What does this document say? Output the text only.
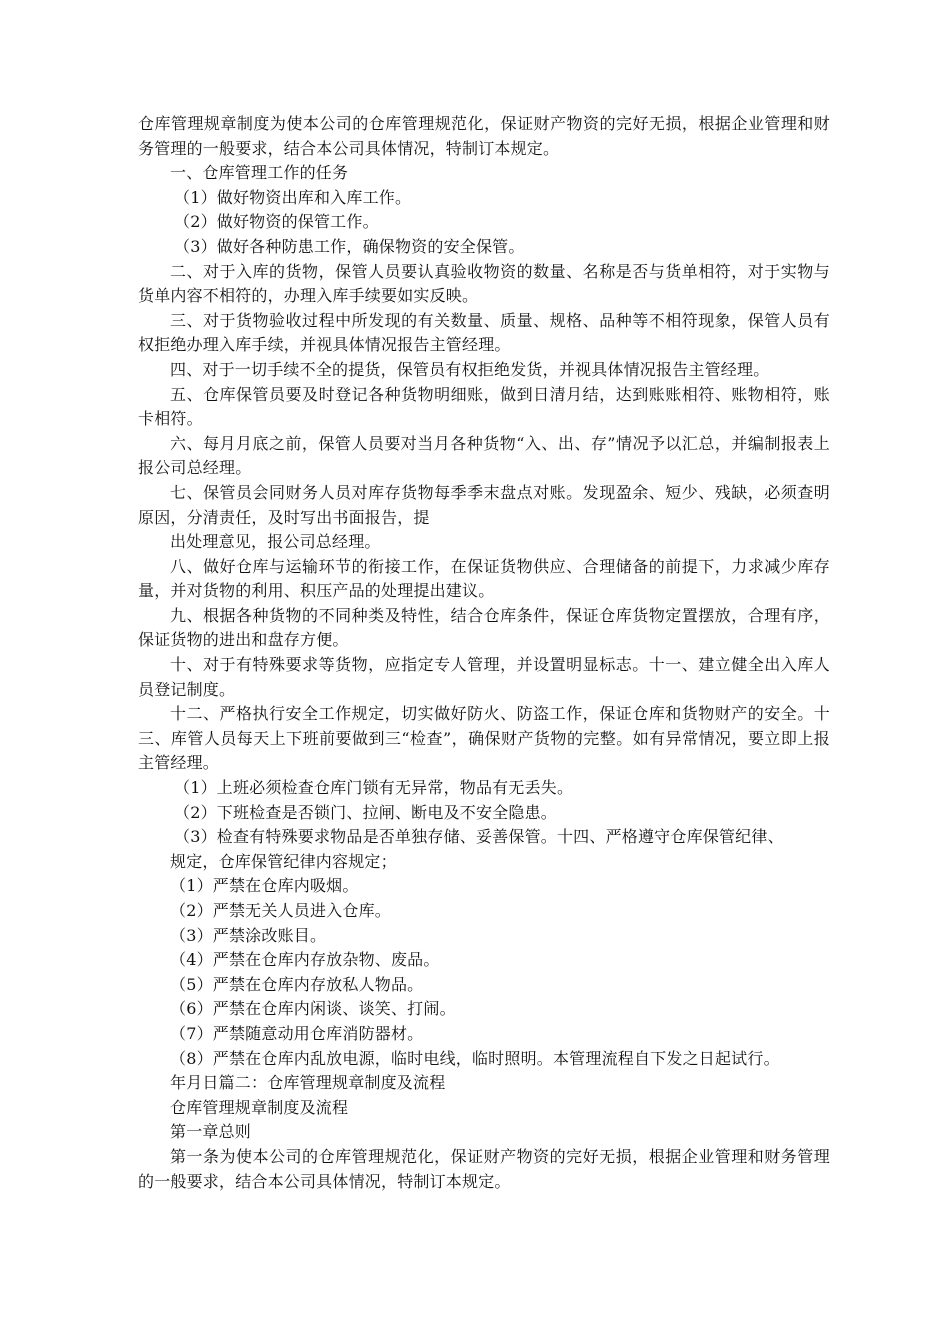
仓库管理规章制度为使本公司的仓库管理规范化，保证财产物资的完好无损，根据企业管理和财务管理的一般要求，结合本公司具体情况，特制订本规定。

一、仓库管理工作的任务

（1）做好物资出库和入库工作。

（2）做好物资的保管工作。

（3）做好各种防患工作，确保物资的安全保管。

二、对于入库的货物，保管人员要认真验收物资的数量、名称是否与货单相符，对于实物与货单内容不相符的，办理入库手续要如实反映。

三、对于货物验收过程中所发现的有关数量、质量、规格、品种等不相符现象，保管人员有权拒绝办理入库手续，并视具体情况报告主管经理。

四、对于一切手续不全的提货，保管员有权拒绝发货，并视具体情况报告主管经理。

五、仓库保管员要及时登记各种货物明细账，做到日清月结，达到账账相符、账物相符，账卡相符。

六、每月月底之前，保管人员要对当月各种货物“入、出、存”情况予以汇总，并编制报表上报公司总经理。

七、保管员会同财务人员对库存货物每季季末盘点对账。发现盈余、短少、残缺，必须查明原因，分清责任，及时写出书面报告，提

出处理意见，报公司总经理。

八、做好仓库与运输环节的衔接工作，在保证货物供应、合理储备的前提下，力求减少库存量，并对货物的利用、积压产品的处理提出建议。

九、根据各种货物的不同种类及特性，结合仓库条件，保证仓库货物定置摆放，合理有序，保证货物的进出和盘存方便。

十、对于有特殊要求等货物，应指定专人管理，并设置明显标志。十一、建立健全出入库人员登记制度。

十二、严格执行安全工作规定，切实做好防火、防盗工作，保证仓库和货物财产的安全。十三、库管人员每天上下班前要做到三“检查”，确保财产货物的完整。如有异常情况，要立即上报主管经理。

（1）上班必须检查仓库门锁有无异常，物品有无丢失。

（2）下班检查是否锁门、拉闸、断电及不安全隐患。

（3）检查有特殊要求物品是否单独存储、妥善保管。十四、严格遵守仓库保管纪律、

规定，仓库保管纪律内容规定；

（1）严禁在仓库内吸烟。

（2）严禁无关人员进入仓库。

（3）严禁涂改账目。

（4）严禁在仓库内存放杂物、废品。

（5）严禁在仓库内存放私人物品。

（6）严禁在仓库内闲谈、谈笑、打闹。

（7）严禁随意动用仓库消防器材。

（8）严禁在仓库内乱放电源，临时电线，临时照明。本管理流程自下发之日起试行。

年月日篇二：仓库管理规章制度及流程

仓库管理规章制度及流程

第一章总则

第一条为使本公司的仓库管理规范化，保证财产物资的完好无损，根据企业管理和财务管理的一般要求，结合本公司具体情况，特制订本规定。
